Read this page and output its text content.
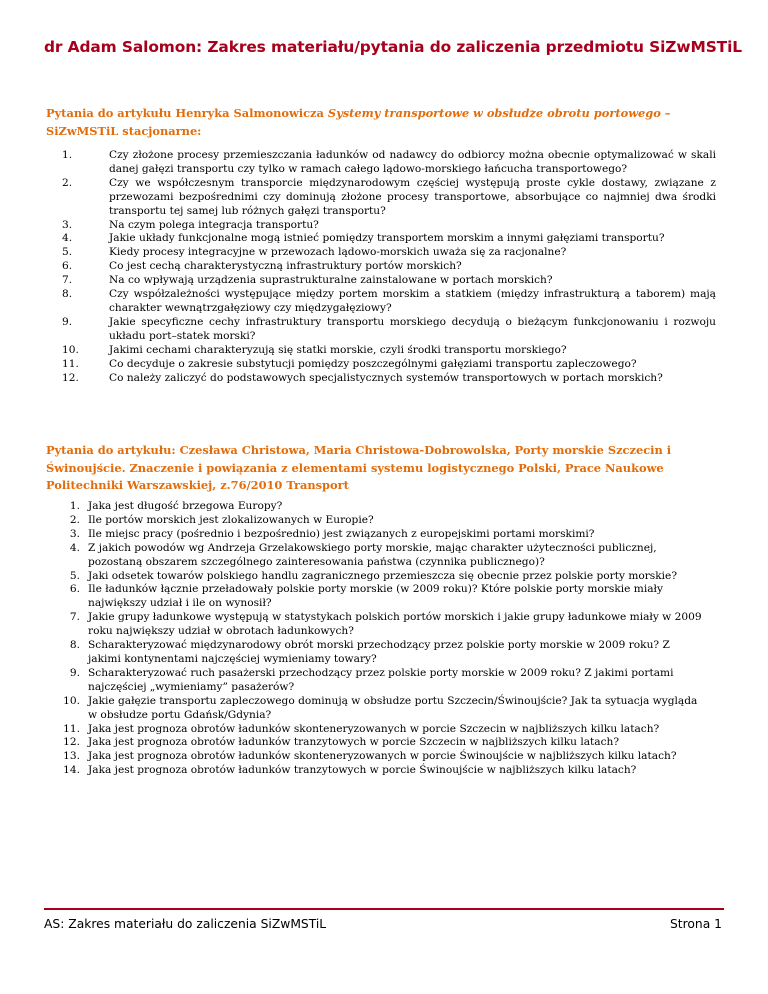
dr Adam Salomon: Zakres materiału/pytania do zaliczenia przedmiotu SiZwMSTiL
Pytania do artykułu Henryka Salmonowicza Systemy transportowe w obsłudze obrotu portowego – SiZwMSTiL stacjonarne:
1.	Czy złożone procesy przemieszczania ładunków od nadawcy do odbiorcy można obecnie optymalizować w skali danej gałęzi transportu czy tylko w ramach całego lądowo-morskiego łańcucha transportowego?
2.	Czy we współczesnym transporcie międzynarodowym częściej występują proste cykle dostawy, związane z przewozami bezpośrednimi czy dominują złożone procesy transportowe, absorbujące co najmniej dwa środki transportu tej samej lub różnych gałęzi transportu?
3.	Na czym polega integracja transportu?
4.	Jakie układy funkcjonalne mogą istnieć pomiędzy transportem morskim a innymi gałęziami transportu?
5.	Kiedy procesy integracyjne w przewozach lądowo-morskich uważa się za racjonalne?
6.	Co jest cechą charakterystyczną infrastruktury portów morskich?
7.	Na co wpływają urządzenia suprastrukturalne zainstalowane w portach morskich?
8.	Czy współzależności występujące między portem morskim a statkiem (między infrastrukturą a taborem) mają charakter wewnątrzgałęziowy czy międzygałęziowy?
9.	Jakie specyficzne cechy infrastruktury transportu morskiego decydują o bieżącym funkcjonowaniu i rozwoju układu port–statek morski?
10.	Jakimi cechami charakteryzują się statki morskie, czyli środki transportu morskiego?
11.	Co decyduje o zakresie substytucji pomiędzy poszczególnymi gałęziami transportu zapleczowego?
12.	Co należy zaliczyć do podstawowych specjalistycznych systemów transportowych w portach morskich?
Pytania do artykułu: Czesława Christowa, Maria Christowa-Dobrowolska, Porty morskie Szczecin i Świnoujście. Znaczenie i powiązania z elementami systemu logistycznego Polski, Prace Naukowe Politechniki Warszawskiej, z.76/2010 Transport
1. Jaka jest długość brzegowa Europy?
2. Ile portów morskich jest zlokalizowanych w Europie?
3. Ile miejsc pracy (pośrednio i bezpośrednio) jest związanych z europejskimi portami morskimi?
4. Z jakich powodów wg Andrzeja Grzelakowskiego porty morskie, mając charakter użyteczności publicznej, pozostaną obszarem szczególnego zainteresowania państwa (czynnika publicznego)?
5. Jaki odsetek towarów polskiego handlu zagranicznego przemieszcza się obecnie przez polskie porty morskie?
6. Ile ładunków łącznie przeładowały polskie porty morskie (w 2009 roku)? Które polskie porty morskie miały największy udział i ile on wynosił?
7. Jakie grupy ładunkowe występują w statystykach polskich portów morskich i jakie grupy ładunkowe miały w 2009 roku największy udział w obrotach ładunkowych?
8. Scharakteryzować międzynarodowy obrót morski przechodzący przez polskie porty morskie w 2009 roku? Z jakimi kontynentami najczęściej wymieniamy towary?
9. Scharakteryzować ruch pasażerski przechodzący przez polskie porty morskie w 2009 roku? Z jakimi portami najczęściej „wymieniamy” pasażerów?
10. Jakie gałęzie transportu zapleczowego dominują w obsłudze portu Szczecin/Świnoujście? Jak ta sytuacja wygląda w obsłudze portu Gdańsk/Gdynia?
11. Jaka jest prognoza obrotów ładunków skonteneryzowanych w porcie Szczecin w najbliższych kilku latach?
12. Jaka jest prognoza obrotów ładunków tranzytowych w porcie Szczecin w najbliższych kilku latach?
13. Jaka jest prognoza obrotów ładunków skonteneryzowanych w porcie Świnoujście w najbliższych kilku latach?
14. Jaka jest prognoza obrotów ładunków tranzytowych w porcie Świnoujście w najbliższych kilku latach?
AS: Zakres materiału do zaliczenia SiZwMSTiL	Strona 1
